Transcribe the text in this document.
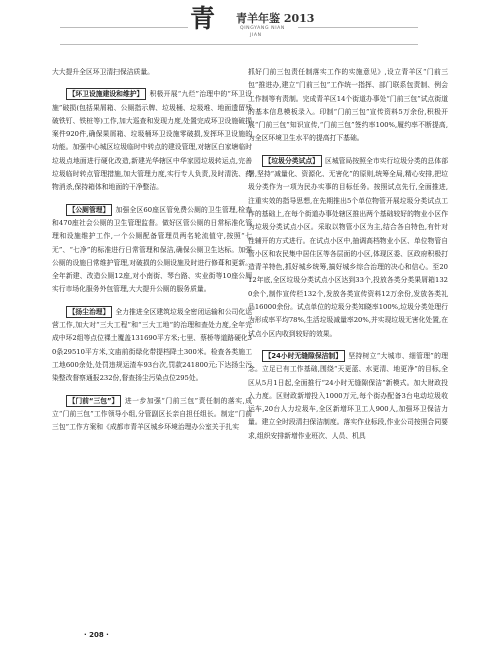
青 青羊年鉴 2013
QINGYANG NIAN
JIAN

大大提升全区环卫清扫保洁质量。

【环卫设施建设和维护】 积极开展“九烂”治理中的“环卫设施”破损(包括果屑箱、公厕指示牌、垃圾桶、垃圾堆、地面遗留残破铁钉、铁桩等)工作,加大巡查和发现力度,处置完成环卫设施破损案件920件,确保果屑箱、垃圾桶环卫设施零破损,发挥环卫设施的功能。加强中心城区垃圾临时中转点的建设管理,对辖区白家塘临时垃圾点地面进行硬化改造,新建光华辖区中华家园垃圾转运点,完善垃圾临时转点管理措施,加大管理力度,实行专人负责,及时清洗、药物消杀,保持箱体和地面的干净整洁。

【公厕管理】 加强全区60座区管免费公厕的卫生管理,检查和470座社会公厕的卫生管理监督。做好区管公厕的日常标准化管理和设施维护工作,一个公厕配备管理员两名轮流值守,按照“七无”、“七净”的标准进行日常管理和保洁,确保公厕卫生达标。加强公厕的设施日常维护管理,对破损的公厕设施及时进行修葺和更新。全年新建、改造公厕12座,对小南街、琴台路、实业街等10座公厕实行市场化服务外包管理,大大提升公厕的服务质量。

【扬尘治理】 全力推进全区建筑垃圾全密闭运输和公司化运营工作,加大对“三大工程”和“三大工地”的治理和查处力度,全年完成中环2组等点位裸土覆盖131690平方米;七里、蔡桥等道路硬化30条29510平方米,文庙前街绿化带提档降土300米。检查各类施工工地600余处,处罚违规运渣车93台次,罚款241800元;下达扬尘污染整改督察通报232份,督查扬尘污染点位295处。

【门前“三包”】 进一步加强“门前三包”责任制的落实,成立“门前三包”工作领导小组,分管副区长亲自担任组长。制定“门前三包”工作方案和《成都市青羊区城乡环境治理办公室关于扎实

抓好门前三包责任制落实工作的实施意见》,设立青羊区“门前三包”推进办,建立“门前三包”工作统一指挥、部门联系包责制、例会工作制等有责制。完成青羊区14个街道办事处“门前三包”试点街道的基本信息模板录入。印制“门前三包”宣传资料5万余份,积极开展“门前三包”知识宣传,“门前三包”签约率100%,履约率不断提高,为全区环境卫生水平的提高打下基础。

【垃圾分类试点】 区城管局按照全市实行垃圾分类的总体部署,坚持“减量化、资源化、无害化”的原则,统筹全局,精心安排,把垃圾分类作为一项为民办实事的目标任务。按照试点先行,全面推进,注重实效的指导思想,在先期推出5个单位物管开展垃圾分类试点工作的基础上,在每个街道办事处辖区推出两个基础较好的物业小区作为垃圾分类试点小区。采取以物管小区为主,结合各自特色,有针对性辅开的方式进行。在试点小区中,抽调高档物业小区、单位物管自管小区和农民集中居住区等各层面的小区,体现区委、区政府积极打造青羊特色,抓好城乡统筹,搞好城乡综合治理的决心和信心。至2012年底,全区垃圾分类试点小区达到33个,投放各类分类果屑箱1320余个,制作宣传栏132个,发放各类宣传资料12万余份,发放各类礼品16000余份。试点单位的垃圾分类知晓率100%,垃圾分类处理行为形成率平均78%,生活垃圾减量率20%,并实现垃圾无害化处置,在试点小区内收到较好的效果。

【24小时无缝隙保洁制】 坚持树立“大城市、细管理”的理念。立足已有工作基础,围绕“天更蓝、水更清、地更净”的目标,全区从5月1日起,全面推行“24小时无缝隙保洁”新模式。加大财政投入力度。区财政新增投入1000万元,每个街办配备3台电动垃圾收运车,20台人力垃圾车,全区新增环卫工人900人,加强环卫保洁力量。建立全时段清扫保洁制度。落实作业标段,作业公司按照合同要求,组织安排新增作业班次、人员、机具

· 208 ·
